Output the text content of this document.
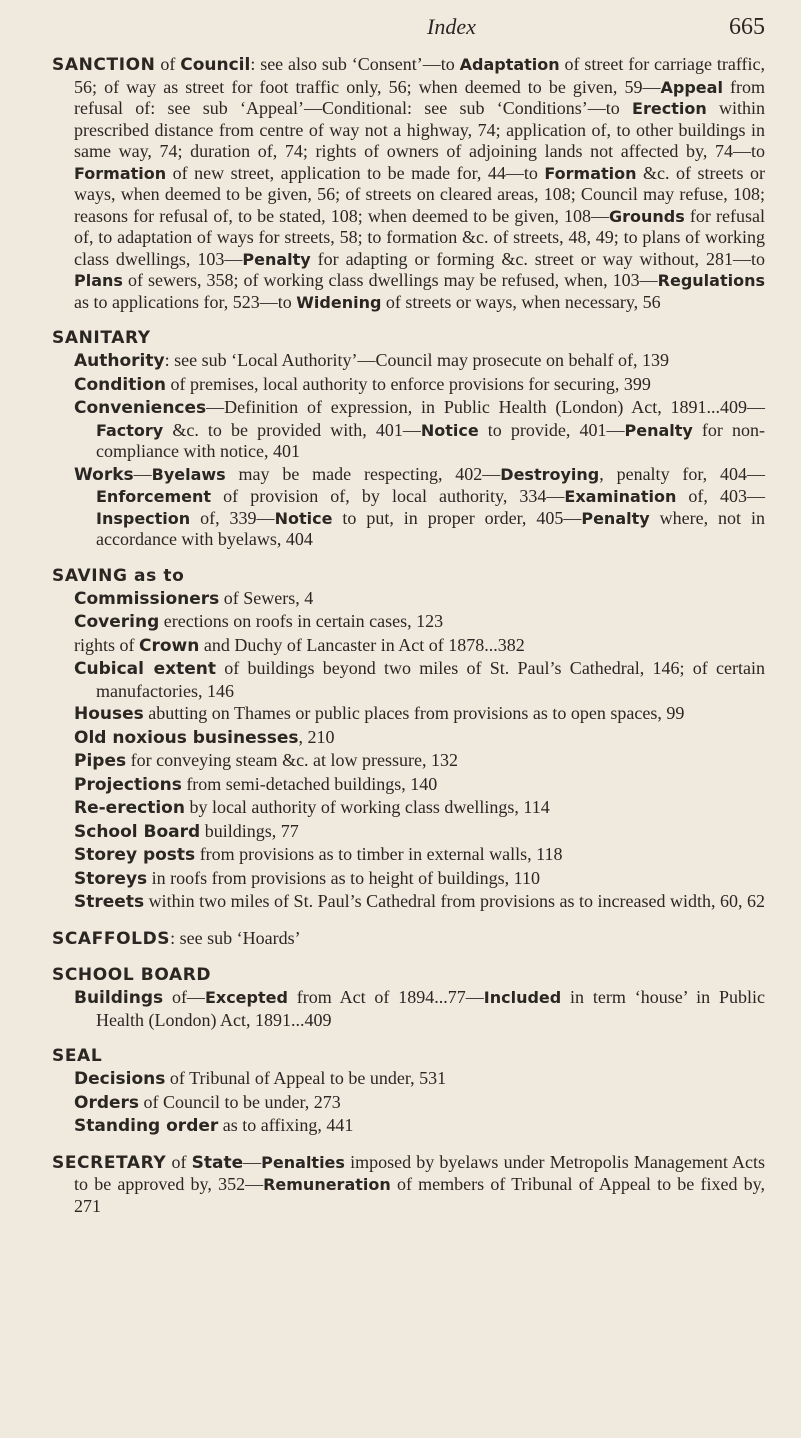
Index	665

SANCTION of Council: see also sub ‘Consent’—to Adaptation of street for carriage traffic, 56; of way as street for foot traffic only, 56; when deemed to be given, 59—Appeal from refusal of: see sub ‘Appeal’—Conditional: see sub ‘Conditions’—to Erection within prescribed distance from centre of way not a highway, 74; application of, to other buildings in same way, 74; duration of, 74; rights of owners of adjoining lands not affected by, 74—to Formation of new street, application to be made for, 44—to Formation &c. of streets or ways, when deemed to be given, 56; of streets on cleared areas, 108; Council may refuse, 108; reasons for refusal of, to be stated, 108; when deemed to be given, 108—Grounds for refusal of, to adaptation of ways for streets, 58; to formation &c. of streets, 48, 49; to plans of working class dwellings, 103—Penalty for adapting or forming &c. street or way without, 281—to Plans of sewers, 358; of working class dwellings may be refused, when, 103—Regulations as to applications for, 523—to Widening of streets or ways, when necessary, 56

SANITARY

Authority: see sub ‘Local Authority’—Council may prosecute on behalf of, 139

Condition of premises, local authority to enforce provisions for securing, 399

Conveniences—Definition of expression, in Public Health (London) Act, 1891...409—Factory &c. to be provided with, 401—Notice to provide, 401—Penalty for non-compliance with notice, 401

Works—Byelaws may be made respecting, 402—Destroying, penalty for, 404—Enforcement of provision of, by local authority, 334—Examination of, 403—Inspection of, 339—Notice to put, in proper order, 405—Penalty where, not in accordance with byelaws, 404

SAVING as to

Commissioners of Sewers, 4

Covering erections on roofs in certain cases, 123

rights of Crown and Duchy of Lancaster in Act of 1878...382

Cubical extent of buildings beyond two miles of St. Paul’s Cathedral, 146; of certain manufactories, 146

Houses abutting on Thames or public places from provisions as to open spaces, 99

Old noxious businesses, 210

Pipes for conveying steam &c. at low pressure, 132

Projections from semi-detached buildings, 140

Re-erection by local authority of working class dwellings, 114

School Board buildings, 77

Storey posts from provisions as to timber in external walls, 118

Storeys in roofs from provisions as to height of buildings, 110

Streets within two miles of St. Paul’s Cathedral from provisions as to increased width, 60, 62

SCAFFOLDS: see sub ‘Hoards’

SCHOOL BOARD

Buildings of—Excepted from Act of 1894...77—Included in term ‘house’ in Public Health (London) Act, 1891...409

SEAL

Decisions of Tribunal of Appeal to be under, 531

Orders of Council to be under, 273

Standing order as to affixing, 441

SECRETARY of State—Penalties imposed by byelaws under Metropolis Management Acts to be approved by, 352—Remuneration of members of Tribunal of Appeal to be fixed by, 271
